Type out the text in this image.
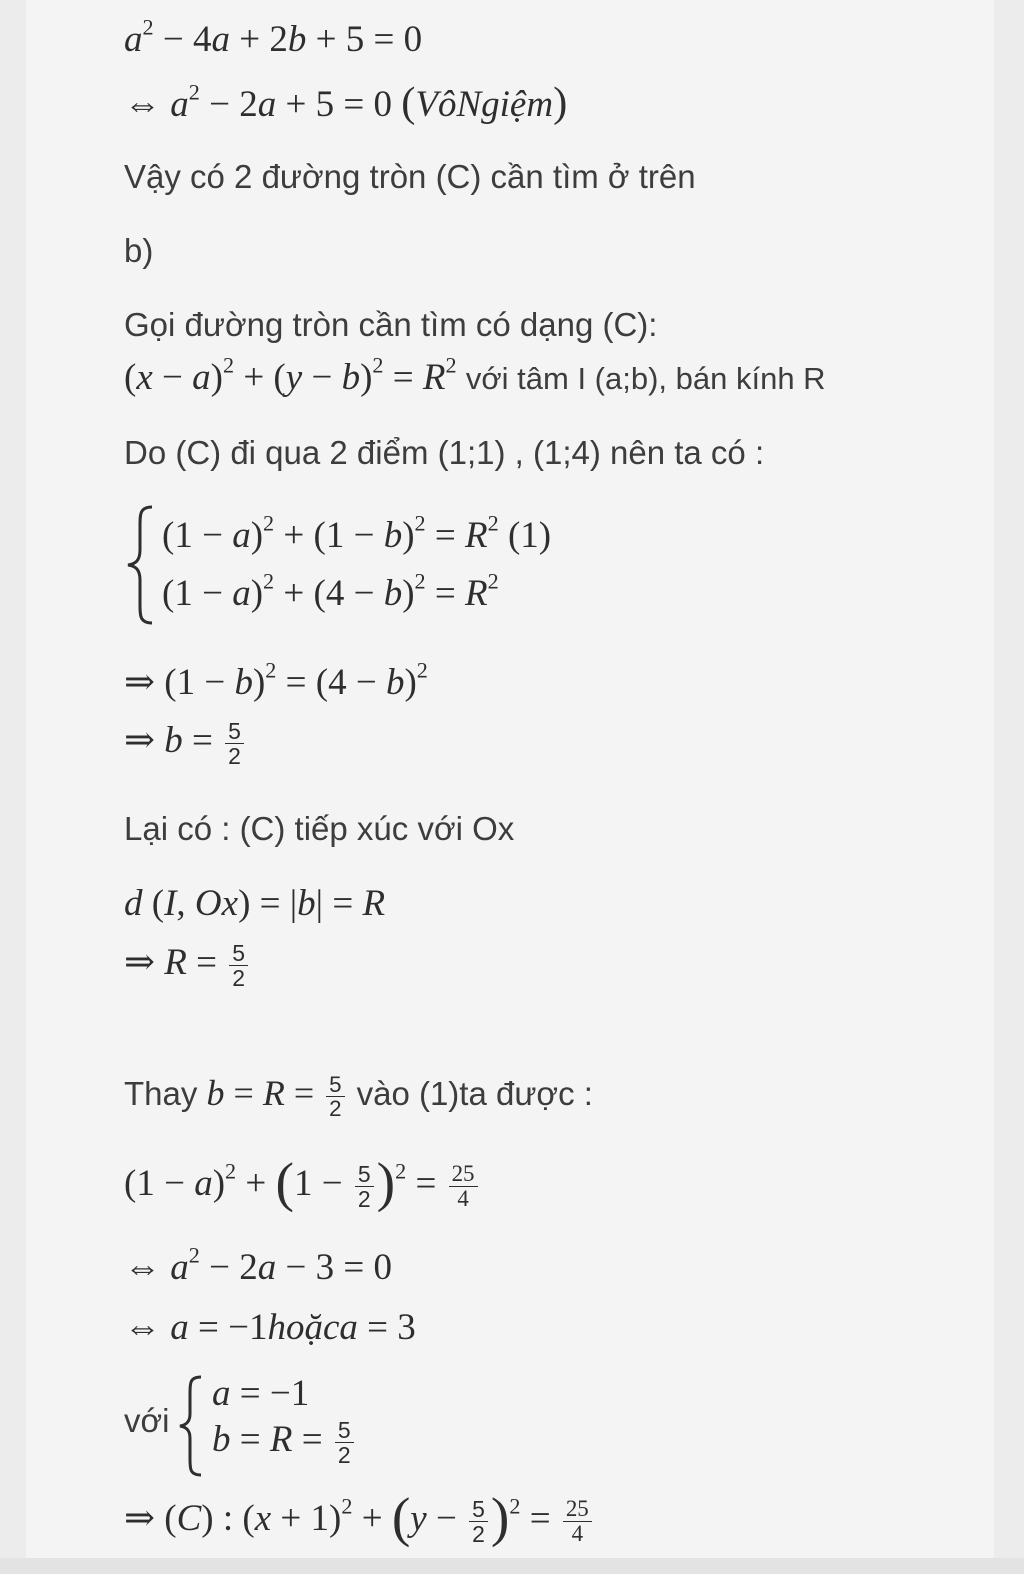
$a^2 - 4a + 2b + 5 = 0$
⇔ $a^2 - 2a + 5 = 0$ (VôNgiệm)
Vậy có 2 đường tròn (C) cần tìm ở trên
b)
Gọi đường tròn cần tìm có dạng (C):
$(x - a)^2 + (y - b)^2 = R^2$ với tâm I (a;b), bán kính R
Do (C) đi qua 2 điểm (1;1) , (1;4) nên ta có :
$(1 - a)^2 + (1 - b)^2 = R^2$ (1)
$(1 - a)^2 + (4 - b)^2 = R^2$
⇒ $(1 - b)^2 = (4 - b)^2$
⇒ $b = \frac{5}{2}$
Lại có : (C) tiếp xúc với Ox
d (I, Ox) = |b| = R
⇒ $R = \frac{5}{2}$
Thay $b = R = \frac{5}{2}$ vào (1)ta được :
$(1 - a)^2 + (1 - \frac{5}{2} )^2 = \frac{25}{4}$
⇔ $a^2 - 2a - 3 = 0$
⇔ a = −1hoặca = 3
với
a = −1
$b = R = \frac{5}{2}$
⇒ (C) : $(x + 1)^2 + (y - \frac{5}{2} )^2 = \frac{25}{4}$
